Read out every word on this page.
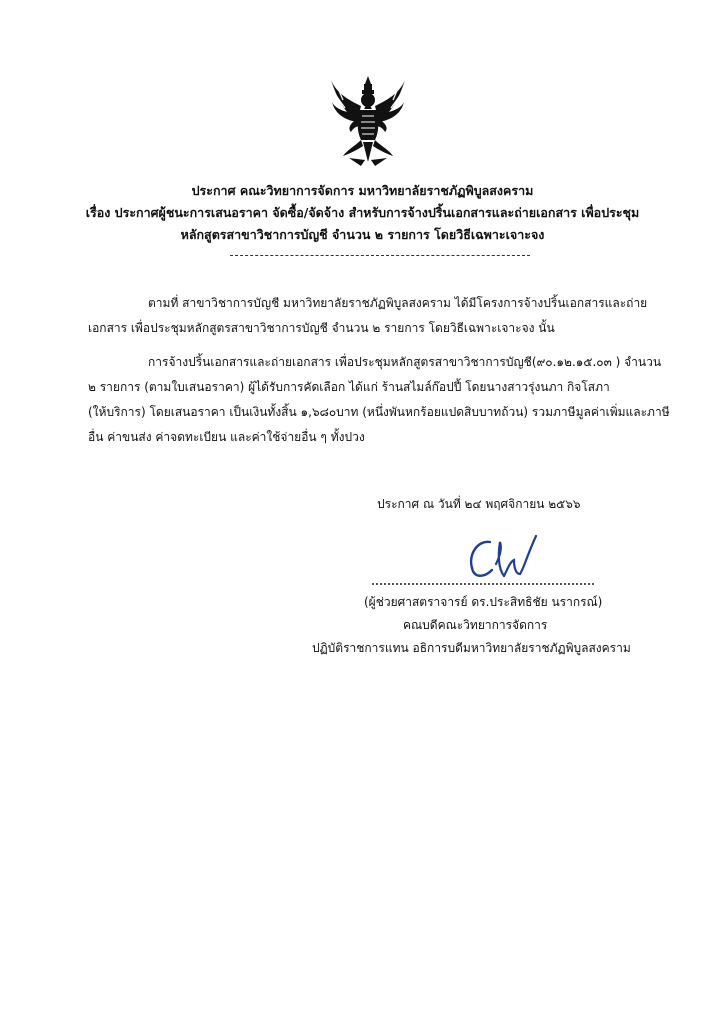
ประกาศ คณะวิทยาการจัดการ มหาวิทยาลัยราชภัฏพิบูลสงคราม
เรื่อง ประกาศผู้ชนะการเสนอราคา จัดซื้อ/จัดจ้าง สำหรับการจ้างปริ้นเอกสารและถ่ายเอกสาร เพื่อประชุม
หลักสูตรสาขาวิชาการบัญชี จำนวน ๒ รายการ โดยวิธีเฉพาะเจาะจง
ตามที่ สาขาวิชาการบัญชี มหาวิทยาลัยราชภัฏพิบูลสงคราม ได้มีโครงการจ้างปริ้นเอกสารและถ่าย
เอกสาร เพื่อประชุมหลักสูตรสาขาวิชาการบัญชี จำนวน ๒ รายการ โดยวิธีเฉพาะเจาะจง นั้น
การจ้างปริ้นเอกสารและถ่ายเอกสาร เพื่อประชุมหลักสูตรสาขาวิชาการบัญชี(๙๐.๑๒.๑๕.๐๓ ) จำนวน
๒ รายการ (ตามใบเสนอราคา) ผู้ได้รับการคัดเลือก ได้แก่ ร้านสไมล์ก๊อปปี้ โดยนางสาวรุ่งนภา กิจโสภา
(ให้บริการ) โดยเสนอราคา เป็นเงินทั้งสิ้น ๑,๖๘๐บาท (หนึ่งพันหกร้อยแปดสิบบาทถ้วน) รวมภาษีมูลค่าเพิ่มและภาษี
อื่น ค่าขนส่ง ค่าจดทะเบียน และค่าใช้จ่ายอื่น ๆ ทั้งปวง
ประกาศ ณ วันที่ ๒๔ พฤศจิกายน ๒๕๖๖
(ผู้ช่วยศาสตราจารย์ ดร.ประสิทธิชัย นรากรณ์)
คณบดีคณะวิทยาการจัดการ
ปฏิบัติราชการแทน อธิการบดีมหาวิทยาลัยราชภัฏพิบูลสงคราม
